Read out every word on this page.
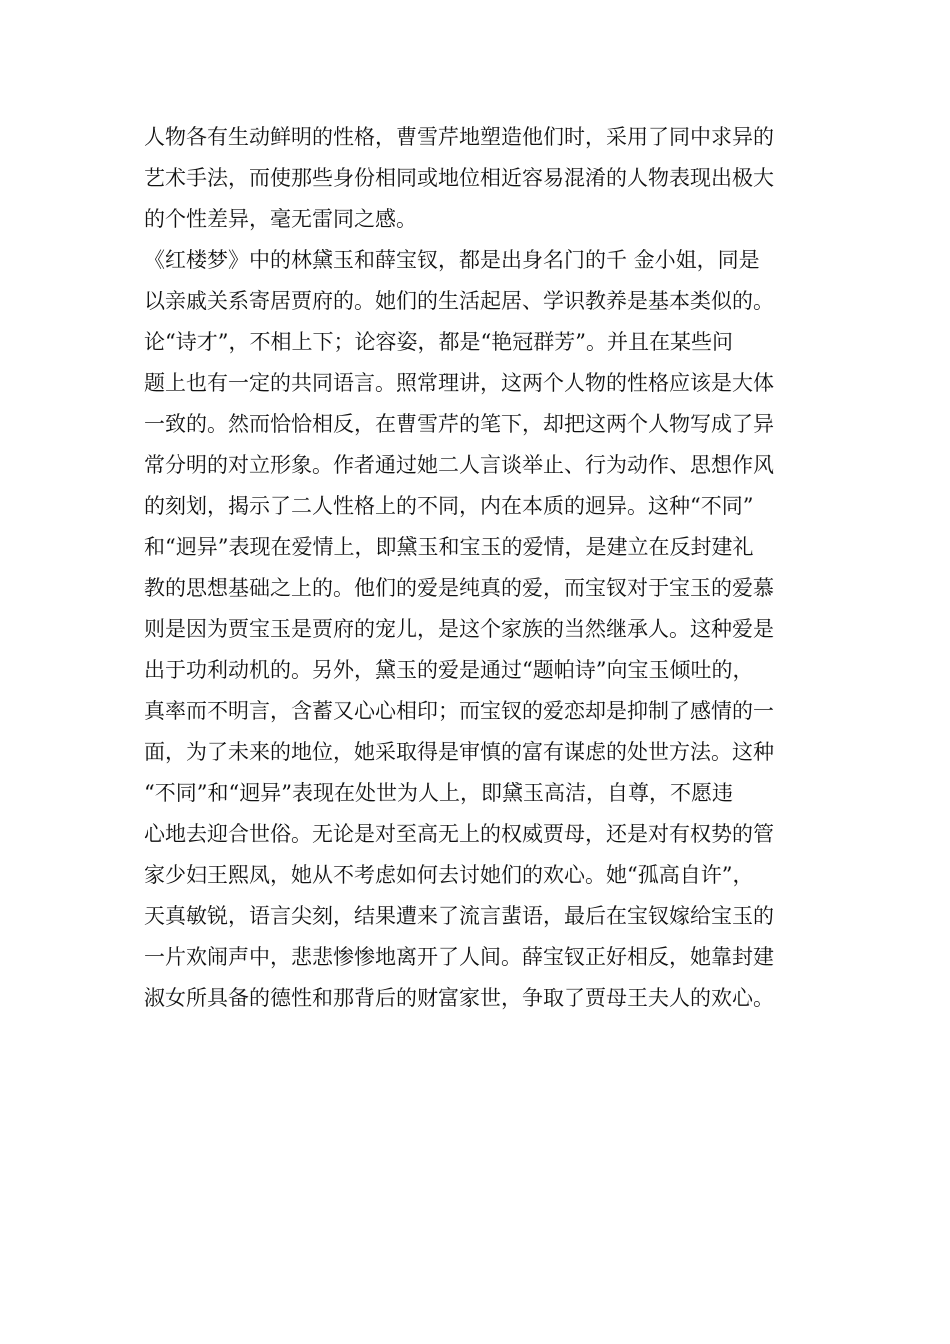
人物各有生动鲜明的性格，曹雪芹地塑造他们时，采用了同中求异的
艺术手法，而使那些身份相同或地位相近容易混淆的人物表现出极大
的个性差异，毫无雷同之感。
《红楼梦》中的林黛玉和薛宝钗，都是出身名门的千 金小姐，同是
以亲戚关系寄居贾府的。她们的生活起居、学识教养是基本类似的。
论“诗才”，不相上下；论容姿，都是“艳冠群芳”。并且在某些问
题上也有一定的共同语言。照常理讲，这两个人物的性格应该是大体
一致的。然而恰恰相反，在曹雪芹的笔下，却把这两个人物写成了异
常分明的对立形象。作者通过她二人言谈举止、行为动作、思想作风
的刻划，揭示了二人性格上的不同，内在本质的迥异。这种“不同”
和“迥异”表现在爱情上，即黛玉和宝玉的爱情，是建立在反封建礼
教的思想基础之上的。他们的爱是纯真的爱，而宝钗对于宝玉的爱慕
则是因为贾宝玉是贾府的宠儿，是这个家族的当然继承人。这种爱是
出于功利动机的。另外，黛玉的爱是通过“题帕诗”向宝玉倾吐的，
真率而不明言，含蓄又心心相印；而宝钗的爱恋却是抑制了感情的一
面，为了未来的地位，她采取得是审慎的富有谋虑的处世方法。这种
“不同”和“迥异”表现在处世为人上，即黛玉高洁，自尊，不愿违
心地去迎合世俗。无论是对至高无上的权威贾母，还是对有权势的管
家少妇王熙凤，她从不考虑如何去讨她们的欢心。她“孤高自许”，
天真敏锐，语言尖刻，结果遭来了流言蜚语，最后在宝钗嫁给宝玉的
一片欢闹声中，悲悲惨惨地离开了人间。薛宝钗正好相反，她靠封建
淑女所具备的德性和那背后的财富家世，争取了贾母王夫人的欢心。
